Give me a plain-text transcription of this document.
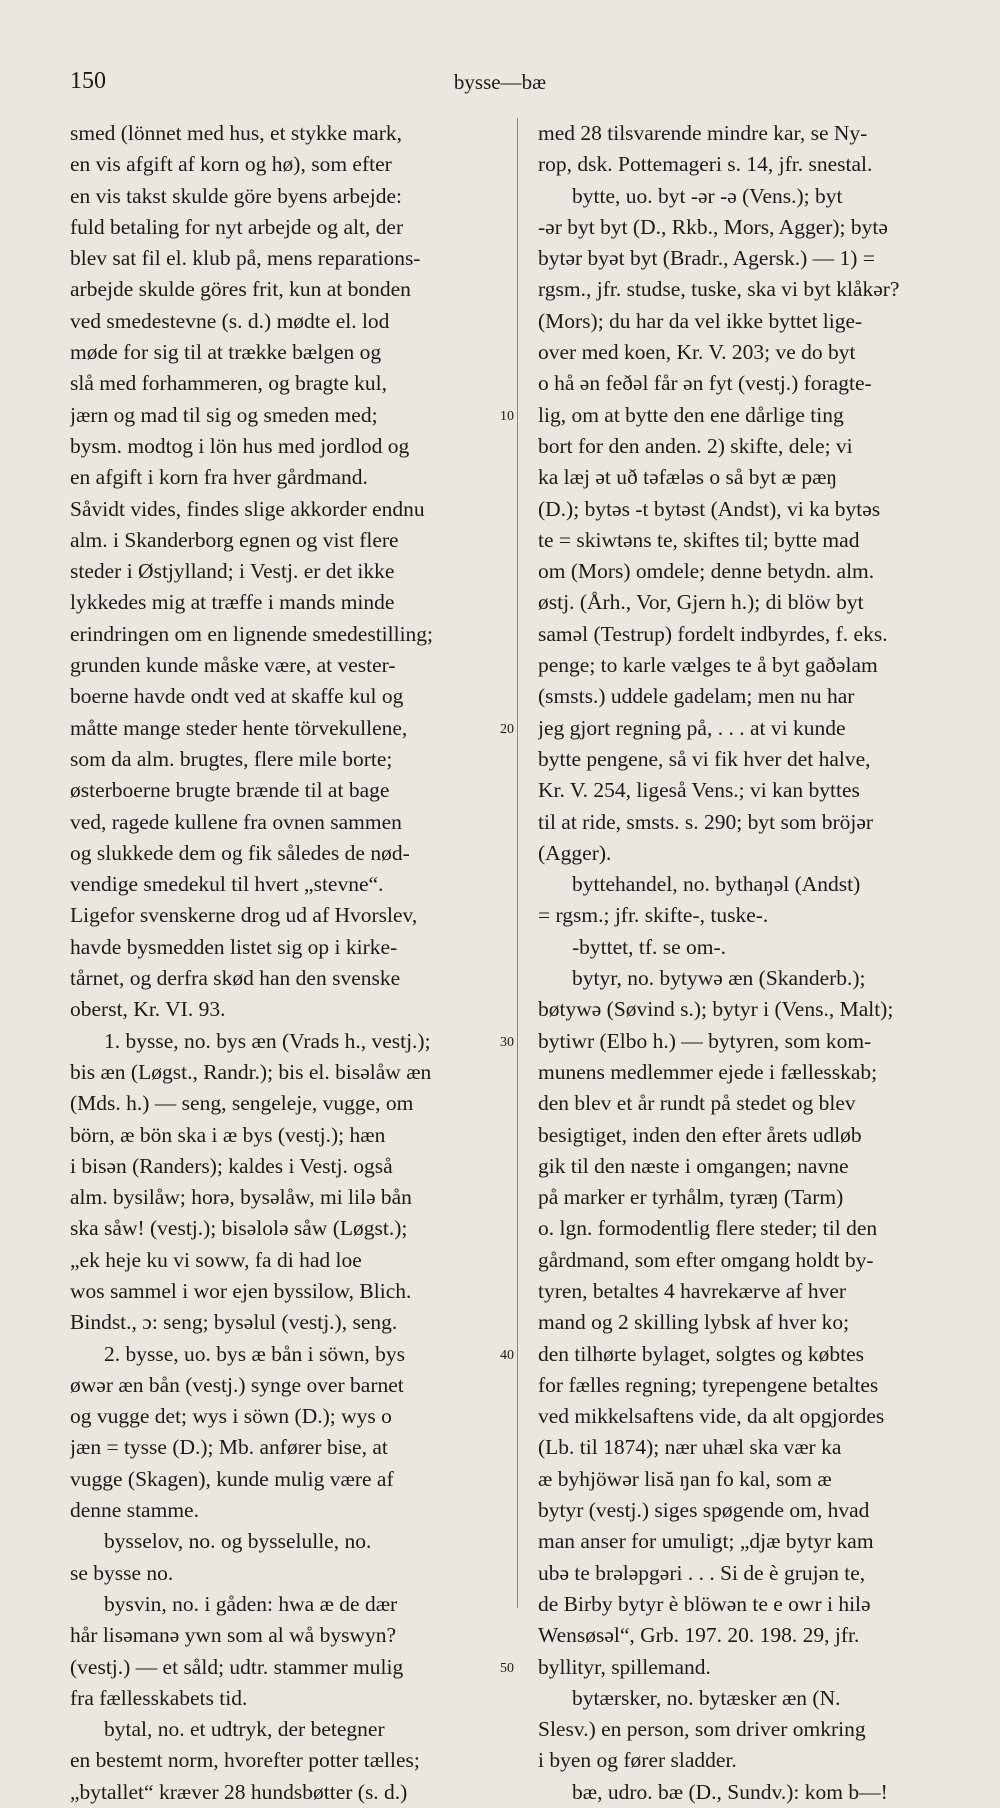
150	bysse—bæ
smed (lönnet med hus, et stykke mark,
en vis afgift af korn og hø), som efter
en vis takst skulde göre byens arbejde:
fuld betaling for nyt arbejde og alt, der
blev sat fil el. klub på, mens reparations-
arbejde skulde göres frit, kun at bonden
ved smedestevne (s. d.) mødte el. lod
møde for sig til at trække bælgen og
slå med forhammeren, og bragte kul,
jærn og mad til sig og smeden med;
bysm. modtog i lön hus med jordlod og
en afgift i korn fra hver gårdmand.
Såvidt vides, findes slige akkorder endnu
alm. i Skanderborg egnen og vist flere
steder i Østjylland; i Vestj. er det ikke
lykkedes mig at træffe i mands minde
erindringen om en lignende smedestilling;
grunden kunde måske være, at vester-
boerne havde ondt ved at skaffe kul og
måtte mange steder hente törvekullene,
som da alm. brugtes, flere mile borte;
østerboerne brugte brænde til at bage
ved, ragede kullene fra ovnen sammen
og slukkede dem og fik således de nød-
vendige smedekul til hvert „stevne“.
Ligefor svenskerne drog ud af Hvorslev,
havde bysmedden listet sig op i kirke-
tårnet, og derfra skød han den svenske
oberst, Kr. VI. 93.
1. bysse, no. bys æn (Vrads h., vestj.);
bis æn (Løgst., Randr.); bis el. bisəlåw æn
(Mds. h.) — seng, sengeleje, vugge, om
börn, æ bön ska i æ bys (vestj.); hæn
i bisən (Randers); kaldes i Vestj. også
alm. bysilåw; horə, bysəlåw, mi lilə bån
ska såw! (vestj.); bisəlolə såw (Løgst.);
„ek heje ku vi soww, fa di had loe
wos sammel i wor ejen byssilow, Blich.
Bindst., ɔ: seng; bysəlul (vestj.), seng.
2. bysse, uo. bys æ bån i söwn, bys
øwər æn bån (vestj.) synge over barnet
og vugge det; wys i söwn (D.); wys o
jæn = tysse (D.); Mb. anfører bise, at
vugge (Skagen), kunde mulig være af
denne stamme.
bysselov, no. og bysselulle, no.
se bysse no.
bysvin, no. i gåden: hwa æ de dær
hår lisəmanə ywn som al wå byswyn?
(vestj.) — et såld; udtr. stammer mulig
fra fællesskabets tid.
bytal, no. et udtryk, der betegner
en bestemt norm, hvorefter potter tælles;
„bytallet“ kræver 28 hundsbøtter (s. d.)
med 28 tilsvarende mindre kar, se Ny-
rop, dsk. Pottemageri s. 14, jfr. snestal.
bytte, uo. byt -ər -ə (Vens.); byt
-ər byt byt (D., Rkb., Mors, Agger); bytə
bytər byət byt (Bradr., Agersk.) — 1) =
rgsm., jfr. studse, tuske, ska vi byt klåkər?
(Mors); du har da vel ikke byttet lige-
over med koen, Kr. V. 203; ve do byt
o hå ən feðəl får ən fyt (vestj.) foragte-
lig, om at bytte den ene dårlige ting
bort for den anden. 2) skifte, dele; vi
ka læj ət uð təfæləs o så byt æ pæŋ
(D.); bytəs -t bytəst (Andst), vi ka bytəs
te = skiwtəns te, skiftes til; bytte mad
om (Mors) omdele; denne betydn. alm.
østj. (Årh., Vor, Gjern h.); di blöw byt
saməl (Testrup) fordelt indbyrdes, f. eks.
penge; to karle vælges te å byt gaðəlam
(smsts.) uddele gadelam; men nu har
jeg gjort regning på, . . . at vi kunde
bytte pengene, så vi fik hver det halve,
Kr. V. 254, ligeså Vens.; vi kan byttes
til at ride, smsts. s. 290; byt som bröjər
(Agger).
byttehandel, no. bythaŋəl (Andst)
= rgsm.; jfr. skifte-, tuske-.
-byttet, tf. se om-.
bytyr, no. bytywə æn (Skanderb.);
bøtywə (Søvind s.); bytyr i (Vens., Malt);
bytiwr (Elbo h.) — bytyren, som kom-
munens medlemmer ejede i fællesskab;
den blev et år rundt på stedet og blev
besigtiget, inden den efter årets udløb
gik til den næste i omgangen; navne
på marker er tyrhålm, tyræŋ (Tarm)
o. lgn. formodentlig flere steder; til den
gårdmand, som efter omgang holdt by-
tyren, betaltes 4 havrekærve af hver
mand og 2 skilling lybsk af hver ko;
den tilhørte bylaget, solgtes og købtes
for fælles regning; tyrepengene betaltes
ved mikkelsaftens vide, da alt opgjordes
(Lb. til 1874); nær uhæl ska vær ka
æ byhjöwər lisă ŋan fo kal, som æ
bytyr (vestj.) siges spøgende om, hvad
man anser for umuligt; „djæ bytyr kam
ubə te brələpgəri . . . Si de è grujən te,
de Birby bytyr è blöwən te e owr i hilə
Wensøsəl“, Grb. 197. 20. 198. 29, jfr.
byllityr, spillemand.
bytærsker, no. bytæsker æn (N.
Slesv.) en person, som driver omkring
i byen og fører sladder.
bæ, udro. bæ (D., Sundv.): kom b—!
10
20
30
40
50
